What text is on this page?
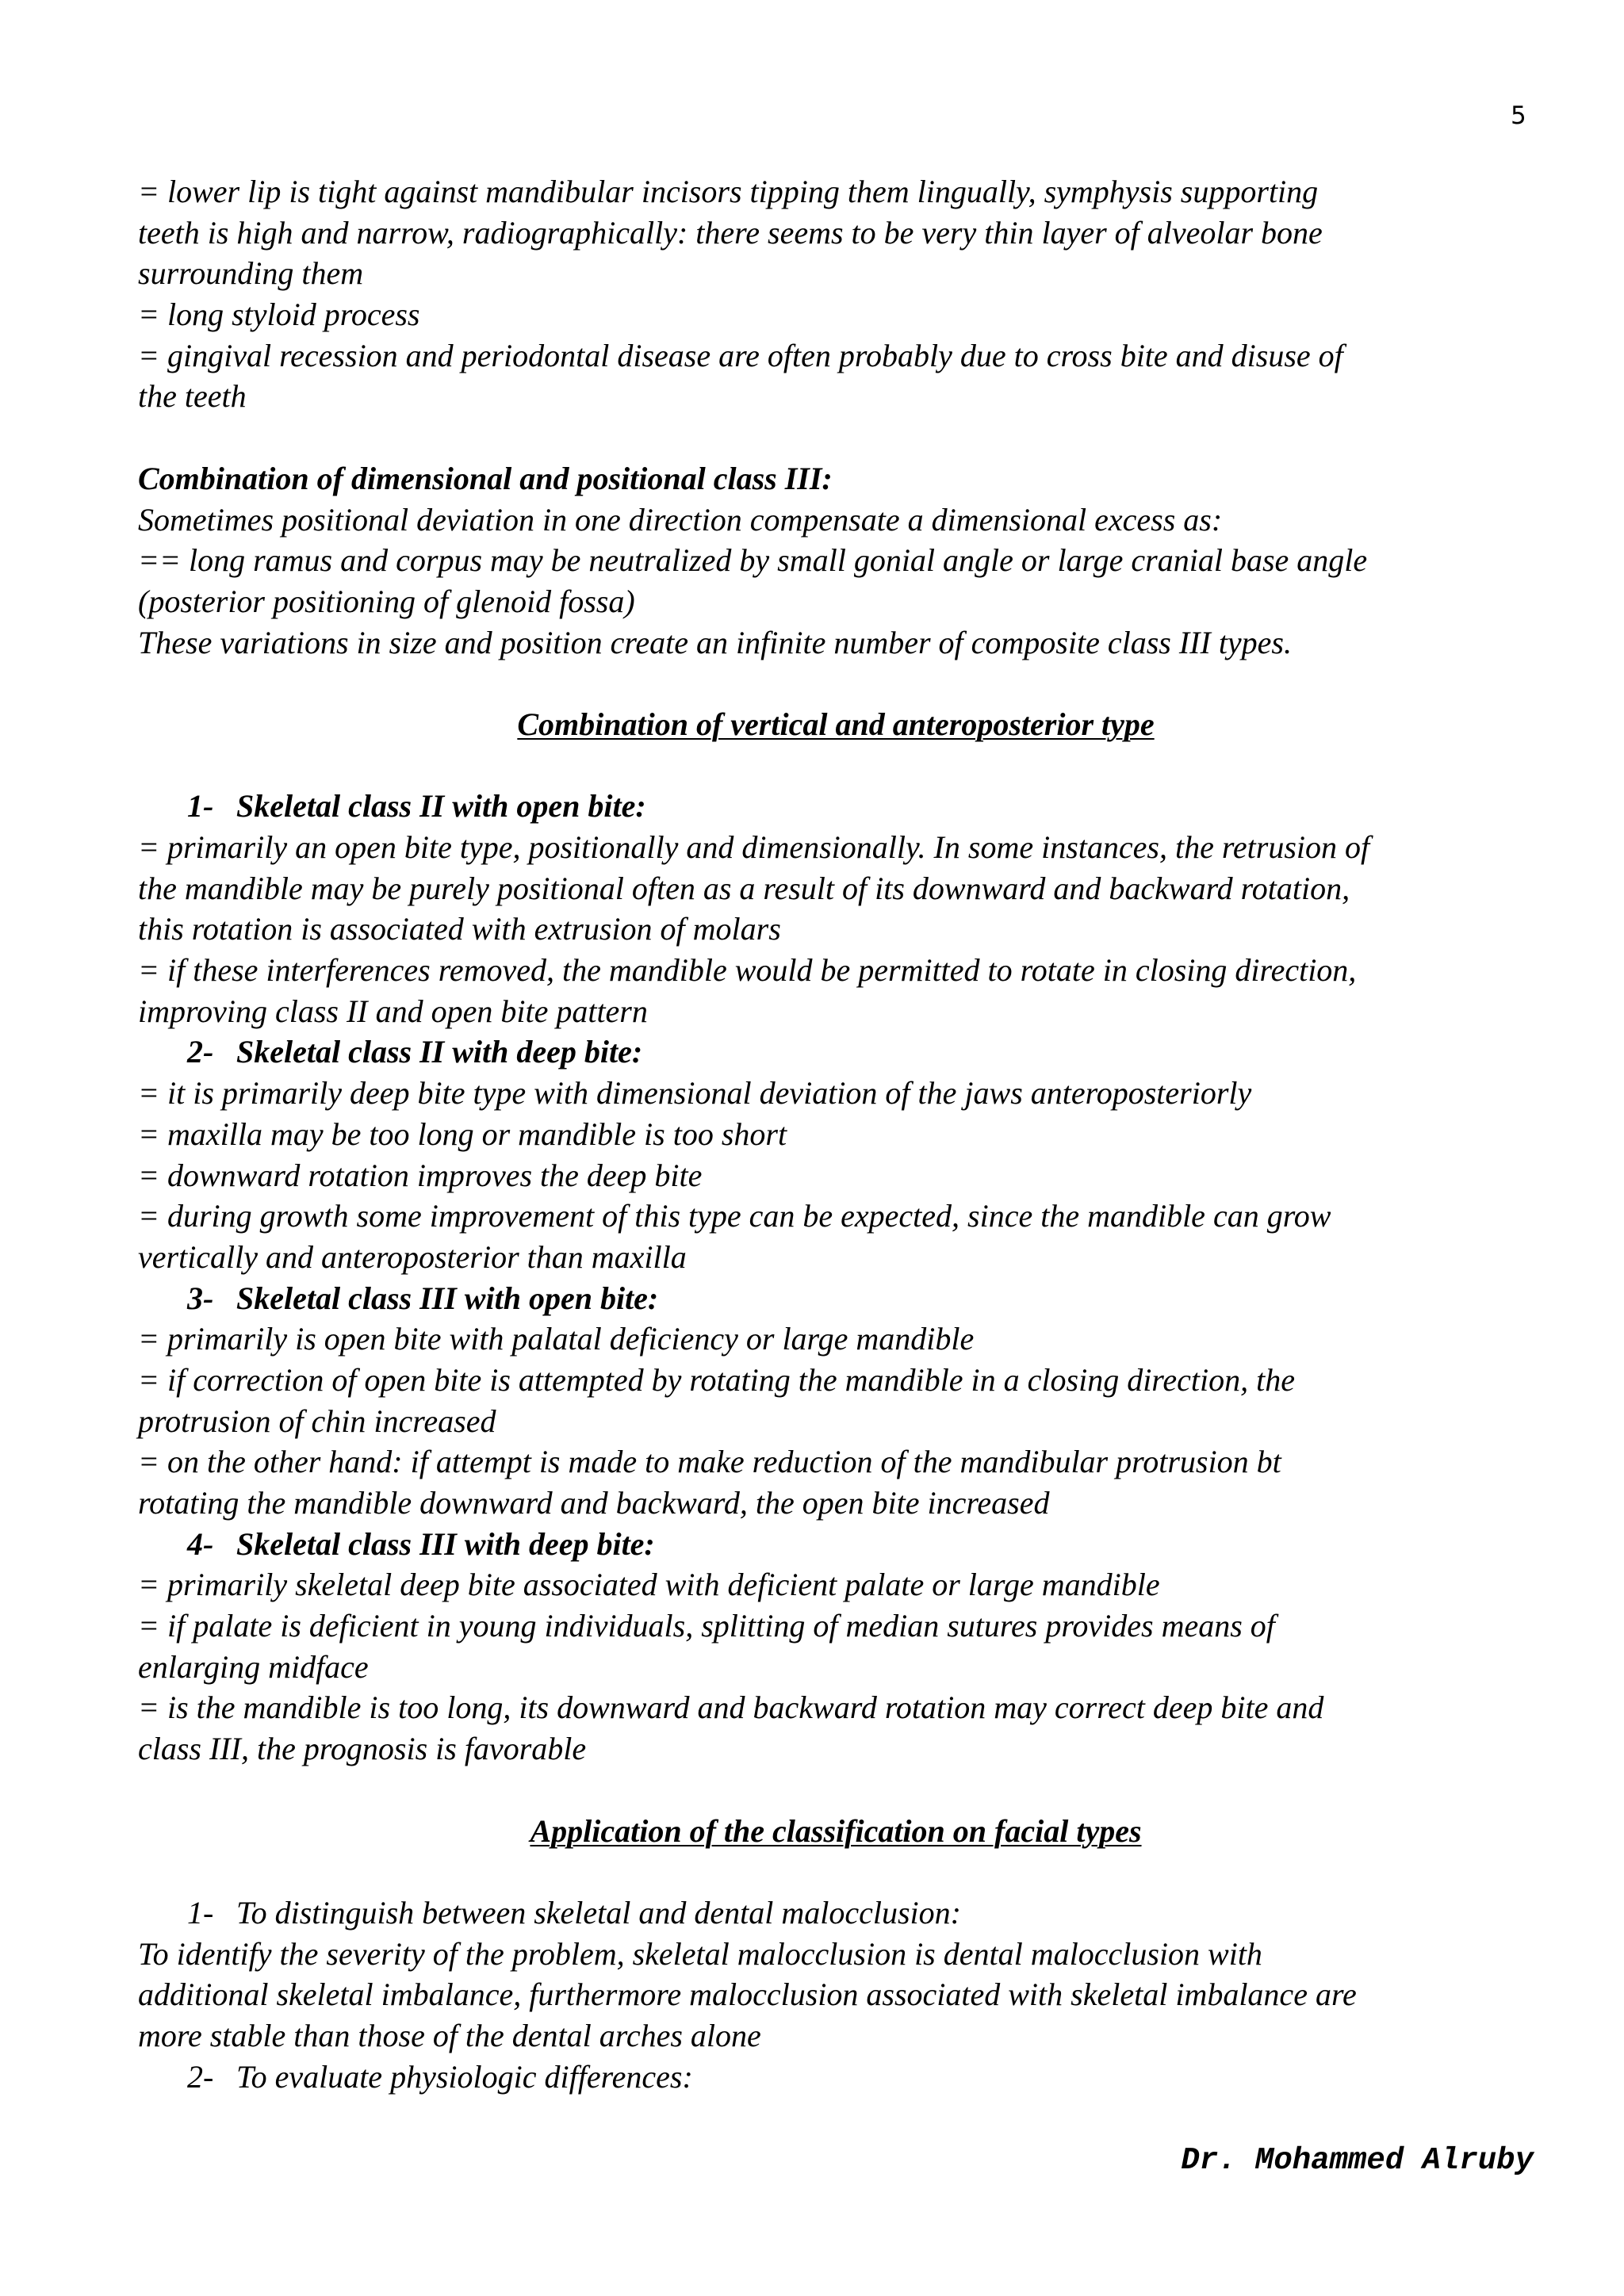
5
= lower lip is tight against mandibular incisors tipping them lingually, symphysis supporting
teeth is high and narrow, radiographically: there seems to be very thin layer of alveolar bone
surrounding them
= long styloid process
= gingival recession and periodontal disease are often probably due to cross bite and disuse of
the teeth
Combination of dimensional and positional class III:
Sometimes positional deviation in one direction compensate a dimensional excess as:
== long ramus and corpus may be neutralized by small gonial angle or large cranial base angle
(posterior positioning of glenoid fossa)
These variations in size and position create an infinite number of composite class III types.
Combination of vertical and anteroposterior type
1- Skeletal class II with open bite:
= primarily an open bite type, positionally and dimensionally. In some instances, the retrusion of
the mandible may be purely positional often as a result of its downward and backward rotation,
this rotation is associated with extrusion of molars
= if these interferences removed, the mandible would be permitted to rotate in closing direction,
improving class II and open bite pattern
2- Skeletal class II with deep bite:
= it is primarily deep bite type with dimensional deviation of the jaws anteroposteriorly
= maxilla may be too long or mandible is too short
= downward rotation improves the deep bite
= during growth some improvement of this type can be expected, since the mandible can grow
vertically and anteroposterior than maxilla
3- Skeletal class III with open bite:
= primarily is open bite with palatal deficiency or large mandible
= if correction of open bite is attempted by rotating the mandible in a closing direction, the
protrusion of chin increased
= on the other hand: if attempt is made to make reduction of the mandibular protrusion bt
rotating the mandible downward and backward, the open bite increased
4- Skeletal class III with deep bite:
= primarily skeletal deep bite associated with deficient palate or large mandible
= if palate is deficient in young individuals, splitting of median sutures provides means of
enlarging midface
= is the mandible is too long, its downward and backward rotation may correct deep bite and
class III, the prognosis is favorable
Application of the classification on facial types
1- To distinguish between skeletal and dental malocclusion:
To identify the severity of the problem, skeletal malocclusion is dental malocclusion with
additional skeletal imbalance, furthermore malocclusion associated with skeletal imbalance are
more stable than those of the dental arches alone
2- To evaluate physiologic differences:
Dr. Mohammed Alruby
